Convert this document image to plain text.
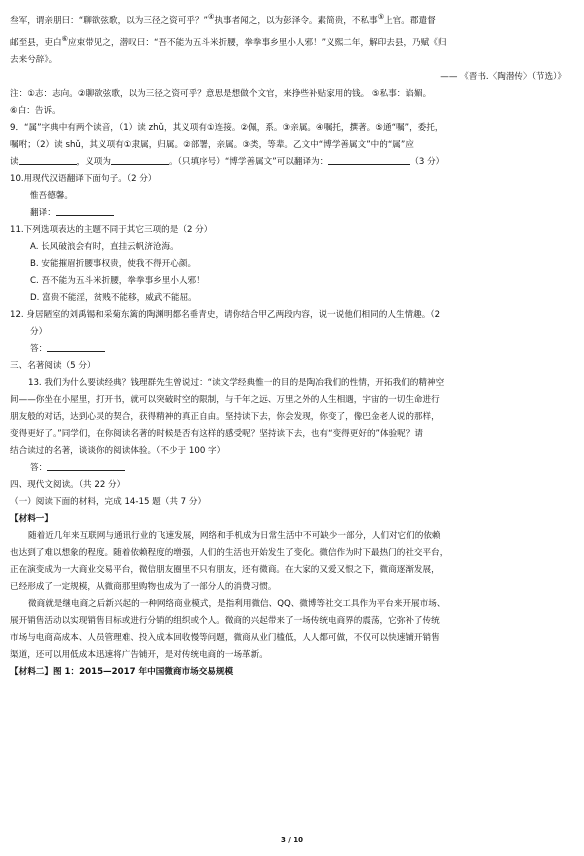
叁军，谓亲朋曰：“聊欲弦歌，以为三径之资可乎？”④执事者闻之，以为彭泽令。素简贵，不私事⑤上官。郡遣督

邮至县，吏白⑥应束带见之，潜叹曰：“吾不能为五斗米折腰，拳拳事乡里小人邪！”义熙二年，解印去县，乃赋《归

去来兮辞》。

—— 《晋书.〈陶潜传〉（节选）》

注：①志：志向。②聊欲弦歌，以为三径之资可乎？意思是想做个文官，来挣些补贴家用的钱。 ⑤私事：谄媚。

⑥白：告诉。

9．“属”字典中有两个读音，（1）读 zhǔ，其义项有①连接。②佩，系。③亲属。④嘱托，撰著。⑤通“嘱”，委托，

嘱咐；（2）读 shǔ，其义项有①隶属，归属。②部署，亲属。③类，等辈。乙文中“博学善属文”中的“属”应

读	，义项为	。（只填序号）“博学善属文”可以翻译为：	（3 分）

10.用现代汉语翻译下面句子。（2 分）

惟吾德馨。

翻译：

11.下列选项表达的主题不同于其它三项的是（2 分）

A. 长风破浪会有时，直挂云帆济沧海。

B. 安能摧眉折腰事权贵，使我不得开心颜。

C. 吾不能为五斗米折腰，拳拳事乡里小人邪！

D. 富贵不能淫，贫贱不能移，威武不能屈。

12. 身居陋室的刘禹锡和采菊东篱的陶渊明都名垂青史，请你结合甲乙两段内容，说一说他们相同的人生情趣。（2

分）

答：

三、名著阅读（5 分）

13. 我们为什么要读经典？钱理群先生曾说过：“读文学经典惟一的目的是陶冶我们的性情，开拓我们的精神空

间——你坐在小屋里，打开书，就可以突破时空的限制，与千年之远、万里之外的人生相遇，宇宙的一切生命进行

朋友般的对话，达到心灵的契合，获得精神的真正自由。坚持读下去，你会发现，你变了，像巴金老人说的那样，

变得更好了。”同学们，在你阅读名著的时候是否有这样的感受呢？坚持读下去，也有“变得更好的”体验呢？请

结合读过的名著，谈谈你的阅读体验。（不少于 100 字）

答：

四、现代文阅读。（共 22 分）

（一）阅读下面的材料，完成 14-15 题（共 7 分）

【材料一】

随着近几年来互联网与通讯行业的飞速发展，网络和手机成为日常生活中不可缺少一部分，人们对它们的依赖

也达到了难以想象的程度。随着依赖程度的增强，人们的生活也开始发生了变化。微信作为时下最热门的社交平台，

正在演变成为一大商业交易平台，微信朋友圈里不只有朋友，还有微商。在大家的又爱又恨之下，微商逐渐发展，

已经形成了一定规模，从微商那里购物也成为了一部分人的消费习惯。

微商就是继电商之后新兴起的一种网络商业模式，是指利用微信、QQ、微博等社交工具作为平台来开展市场、

展开销售活动以实现销售目标或进行分销的组织或个人。微商的兴起带来了一场传统电商界的震荡，它弥补了传统

市场与电商高成本、人员管理难、投入成本回收慢等问题，微商从业门槛低，人人都可做，不仅可以快速铺开销售

渠道，还可以用低成本迅速将广告铺开，是对传统电商的一场革新。

【材料二】图 1：2015—2017 年中国微商市场交易规模

3 / 10
